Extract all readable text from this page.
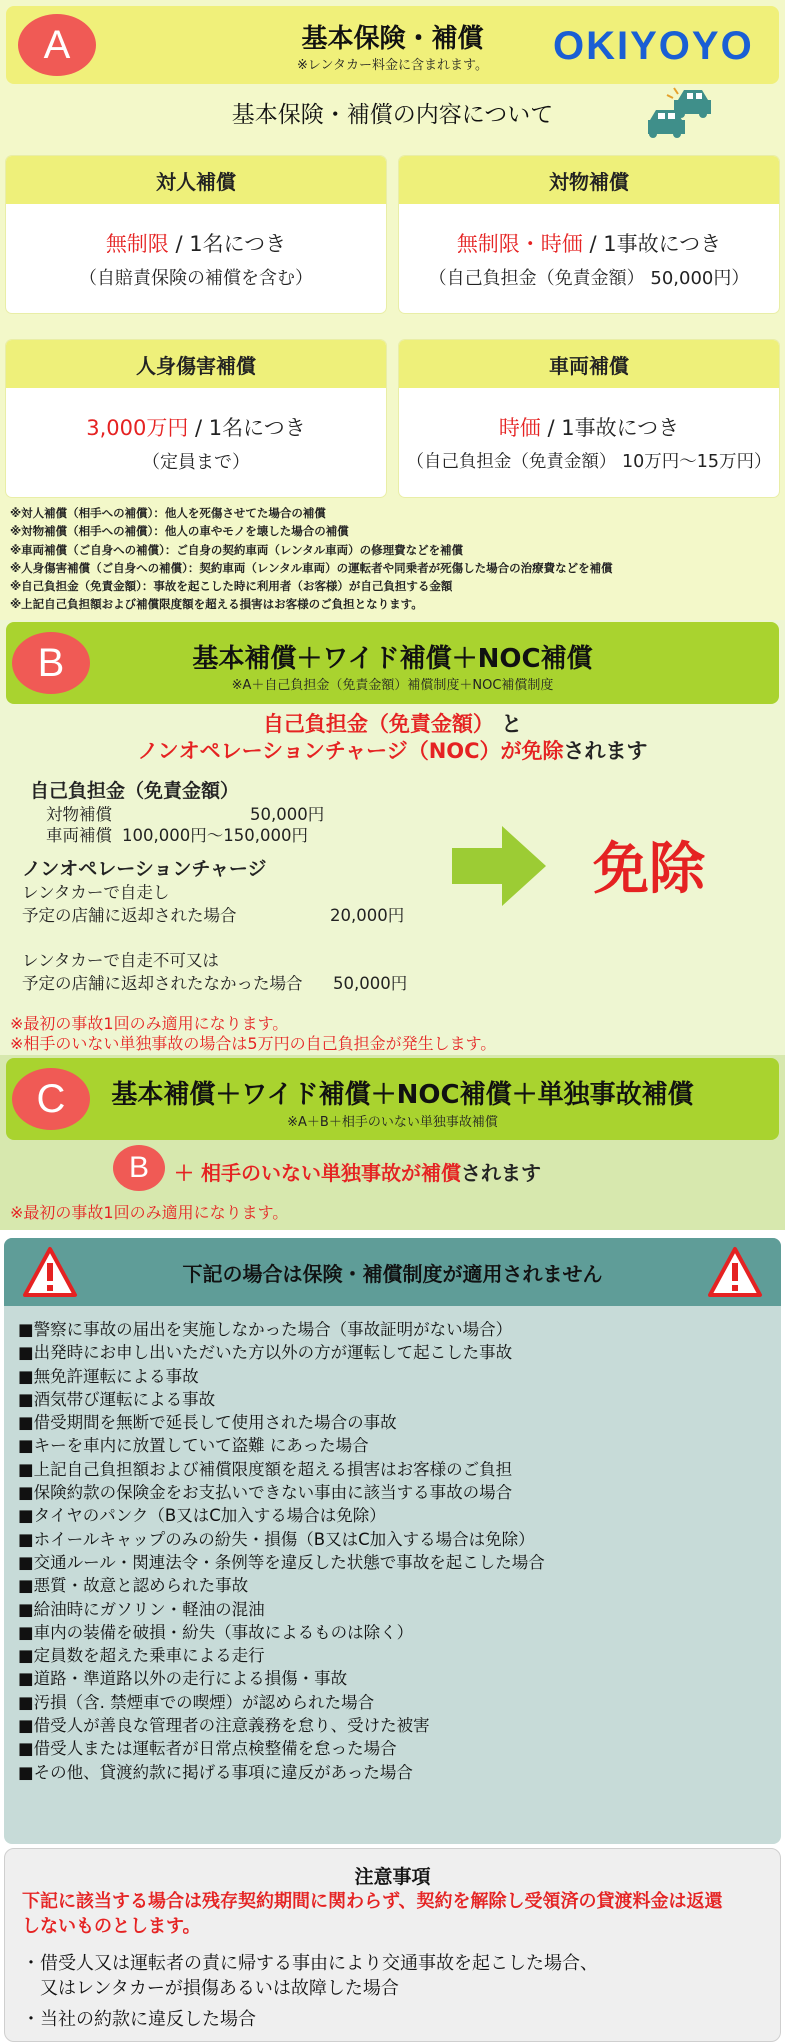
A	基本保険・補償
※レンタカー料金に含まれます。	OKIYOYO
基本保険・補償の内容について
対人補償
無制限 / 1名につき
（自賠責保険の補償を含む）
対物補償
無制限・時価 / 1事故につき
（自己負担金（免責金額） 50,000円）
人身傷害補償
3,000万円 / 1名につき
（定員まで）
車両補償
時価 / 1事故につき
（自己負担金（免責金額） 10万円〜15万円）
※対人補償（相手への補償）：他人を死傷させてた場合の補償
※対物補償（相手への補償）：他人の車やモノを壊した場合の補償
※車両補償（ご自身への補償）：ご自身の契約車両（レンタル車両）の修理費などを補償
※人身傷害補償（ご自身への補償）：契約車両（レンタル車両）の運転者や同乗者が死傷した場合の治療費などを補償
※自己負担金（免責金額）：事故を起こした時に利用者（お客様）が自己負担する金額
※上記自己負担額および補償限度額を超える損害はお客様のご負担となります。
B	基本補償＋ワイド補償＋NOC補償
※A＋自己負担金（免責金額）補償制度＋NOC補償制度
自己負担金（免責金額） と
ノンオペレーションチャージ（NOC）が免除されます
自己負担金（免責金額）
対物補償	50,000円
車両補償 100,000円〜150,000円
ノンオペレーションチャージ
レンタカーで自走し
予定の店舗に返却された場合	20,000円
レンタカーで自走不可又は
予定の店舗に返却されたなかった場合 50,000円
免除
※最初の事故1回のみ適用になります。
※相手のいない単独事故の場合は5万円の自己負担金が発生します。
C	基本補償＋ワイド補償＋NOC補償＋単独事故補償
※A＋B＋相手のいない単独事故補償
B	＋ 相手のいない単独事故が補償されます
※最初の事故1回のみ適用になります。
下記の場合は保険・補償制度が適用されません
■警察に事故の届出を実施しなかった場合（事故証明がない場合）
■出発時にお申し出いただいた方以外の方が運転して起こした事故
■無免許運転による事故
■酒気帯び運転による事故
■借受期間を無断で延長して使用された場合の事故
■キーを車内に放置していて盗難 にあった場合
■上記自己負担額および補償限度額を超える損害はお客様のご負担
■保険約款の保険金をお支払いできない事由に該当する事故の場合
■タイヤのパンク（B又はC加入する場合は免除）
■ホイールキャップのみの紛失・損傷（B又はC加入する場合は免除）
■交通ルール・関連法令・条例等を違反した状態で事故を起こした場合
■悪質・故意と認められた事故
■給油時にガソリン・軽油の混油
■車内の装備を破損・紛失（事故によるものは除く）
■定員数を超えた乗車による走行
■道路・準道路以外の走行による損傷・事故
■汚損（含. 禁煙車での喫煙）が認められた場合
■借受人が善良な管理者の注意義務を怠り、受けた被害
■借受人または運転者が日常点検整備を怠った場合
■その他、貸渡約款に掲げる事項に違反があった場合
注意事項
下記に該当する場合は残存契約期間に関わらず、契約を解除し受領済の貸渡料金は返還
しないものとします。
・借受人又は運転者の責に帰する事由により交通事故を起こした場合、
　又はレンタカーが損傷あるいは故障した場合
・当社の約款に違反した場合
